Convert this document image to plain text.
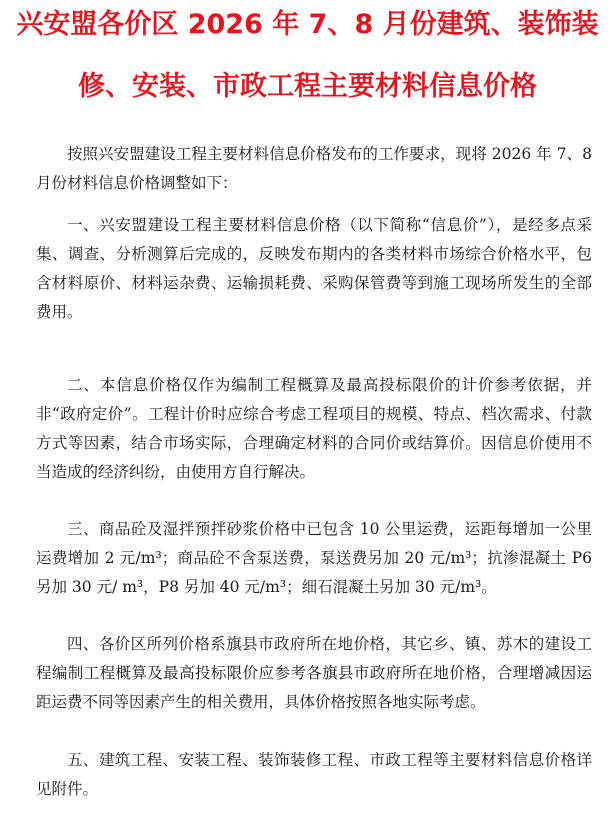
兴安盟各价区 2026 年 7、8 月份建筑、装饰装
修、安装、市政工程主要材料信息价格

按照兴安盟建设工程主要材料信息价格发布的工作要求，现将 2026 年 7、8 月份材料信息价格调整如下：

一、兴安盟建设工程主要材料信息价格（以下简称“信息价”），是经多点采集、调查、分析测算后完成的，反映发布期内的各类材料市场综合价格水平，包含材料原价、材料运杂费、运输损耗费、采购保管费等到施工现场所发生的全部费用。

二、本信息价格仅作为编制工程概算及最高投标限价的计价参考依据，并非“政府定价”。工程计价时应综合考虑工程项目的规模、特点、档次需求、付款方式等因素，结合市场实际，合理确定材料的合同价或结算价。因信息价使用不当造成的经济纠纷，由使用方自行解决。

三、商品砼及湿拌预拌砂浆价格中已包含 10 公里运费，运距每增加一公里运费增加 2 元/m³；商品砼不含泵送费，泵送费另加 20 元/m³；抗渗混凝土 P6 另加 30 元/ m³，P8 另加 40 元/m³；细石混凝土另加 30 元/m³。

四、各价区所列价格系旗县市政府所在地价格，其它乡、镇、苏木的建设工程编制工程概算及最高投标限价应参考各旗县市政府所在地价格，合理增减因运距运费不同等因素产生的相关费用，具体价格按照各地实际考虑。

五、建筑工程、安装工程、装饰装修工程、市政工程等主要材料信息价格详见附件。
